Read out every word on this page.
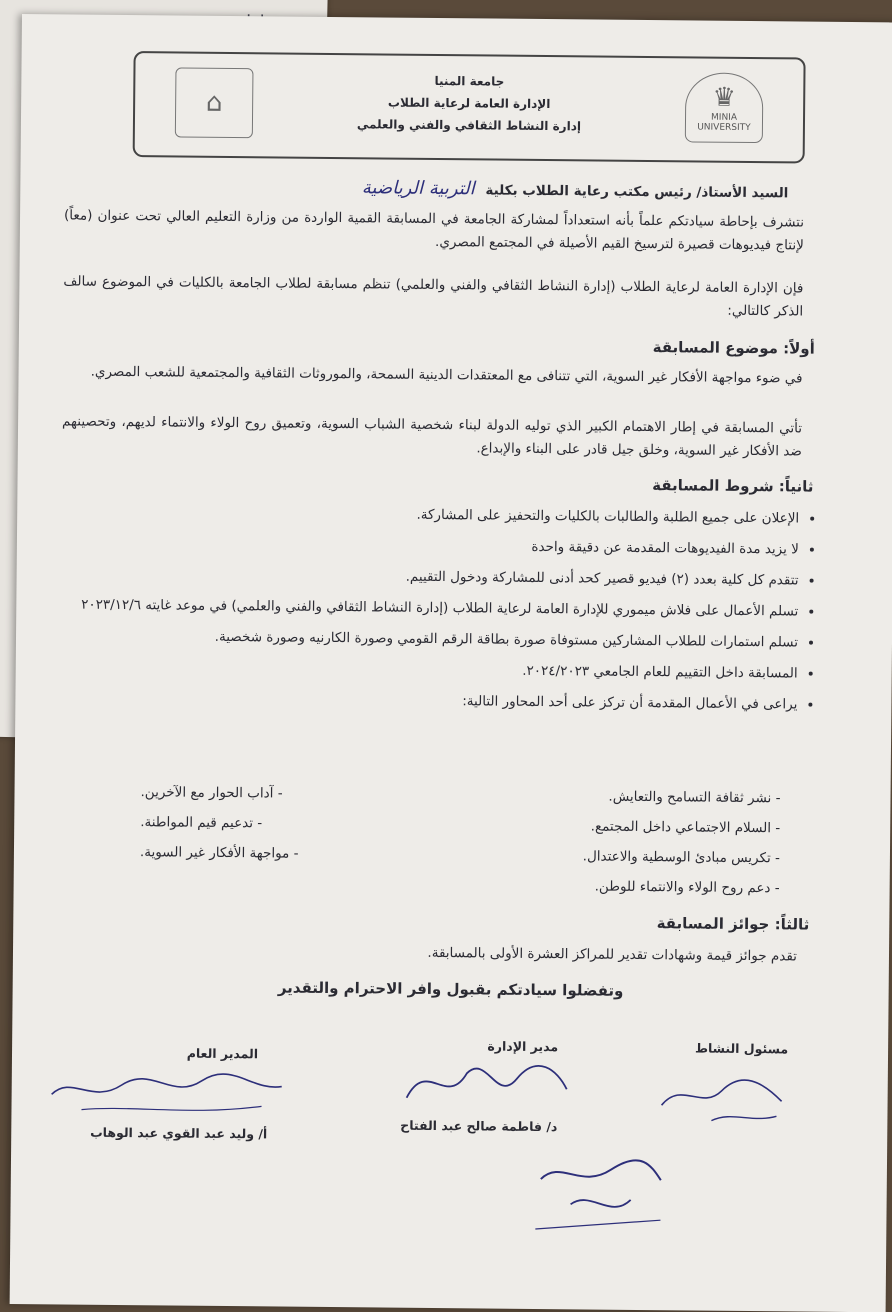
♛
MINIA UNIVERSITY
جامعة المنيا
الإدارة العامة لرعاية الطلاب
إدارة النشاط الثقافي والفني والعلمي
⌂
السيد الأستاذ/ رئيس مكتب رعاية الطلاب بكلية التربية الرياضية
نتشرف بإحاطة سيادتكم علماً بأنه استعداداً لمشاركة الجامعة في المسابقة القمية الواردة من وزارة التعليم العالي تحت عنوان (معاً) لإنتاج فيديوهات قصيرة لترسيخ القيم الأصيلة في المجتمع المصري.
فإن الإدارة العامة لرعاية الطلاب (إدارة النشاط الثقافي والفني والعلمي) تنظم مسابقة لطلاب الجامعة بالكليات في الموضوع سالف الذكر كالتالي:
أولاً: موضوع المسابقة
في ضوء مواجهة الأفكار غير السوية، التي تتنافى مع المعتقدات الدينية السمحة، والموروثات الثقافية والمجتمعية للشعب المصري.
تأتي المسابقة في إطار الاهتمام الكبير الذي توليه الدولة لبناء شخصية الشباب السوية، وتعميق روح الولاء والانتماء لديهم، وتحصينهم ضد الأفكار غير السوية، وخلق جيل قادر على البناء والإبداع.
ثانياً: شروط المسابقة
• الإعلان على جميع الطلبة والطالبات بالكليات والتحفيز على المشاركة.
• لا يزيد مدة الفيديوهات المقدمة عن دقيقة واحدة
• تتقدم كل كلية بعدد (٢) فيديو قصير كحد أدنى للمشاركة ودخول التقييم.
• تسلم الأعمال على فلاش ميموري للإدارة العامة لرعاية الطلاب (إدارة النشاط الثقافي والفني والعلمي) في موعد غايته ٢٠٢٣/١٢/٦
• تسلم استمارات للطلاب المشاركين مستوفاة صورة بطاقة الرقم القومي وصورة الكارنيه وصورة شخصية.
• المسابقة داخل التقييم للعام الجامعي ٢٠٢٤/٢٠٢٣.
• يراعى في الأعمال المقدمة أن تركز على أحد المحاور التالية:
- نشر ثقافة التسامح والتعايش.
- آداب الحوار مع الآخرين.
- السلام الاجتماعي داخل المجتمع.
- تدعيم قيم المواطنة.
- تكريس مبادئ الوسطية والاعتدال.
- مواجهة الأفكار غير السوية.
- دعم روح الولاء والانتماء للوطن.
ثالثاً: جوائز المسابقة
تقدم جوائز قيمة وشهادات تقدير للمراكز العشرة الأولى بالمسابقة.
وتفضلوا سيادتكم بقبول وافر الاحترام والتقدير
مسئول النشاط
مدير الإدارة
المدير العام
د/ فاطمة صالح عبد الفتاح
أ/ وليد عبد القوي عبد الوهاب
